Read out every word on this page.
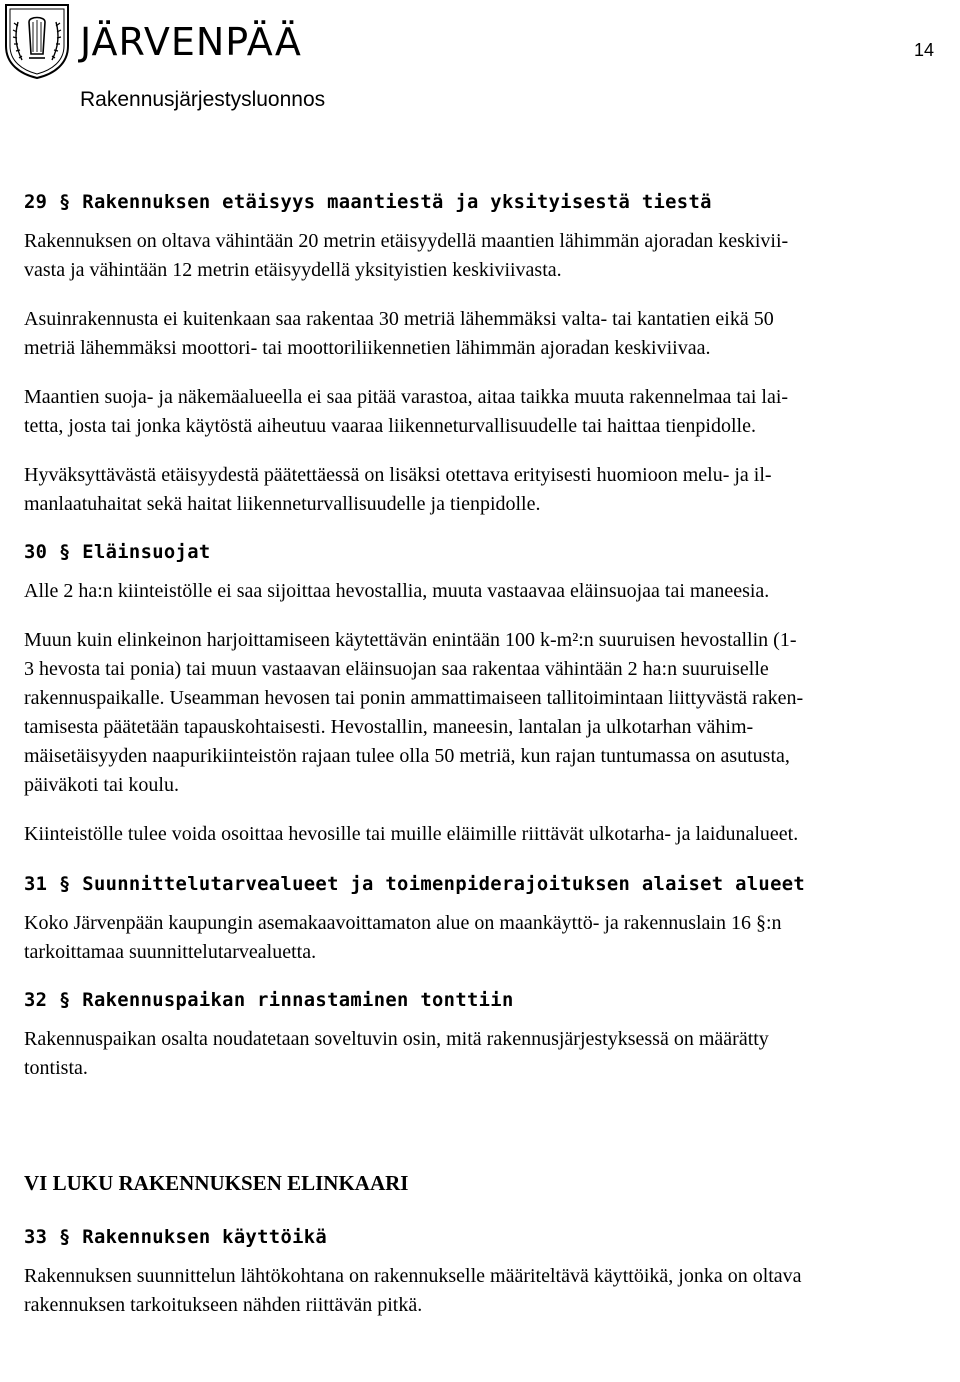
JÄRVENPÄÄ	14
Rakennusjärjestysluonnos
29 § Rakennuksen etäisyys maantiestä ja yksityisestä tiestä

Rakennuksen on oltava vähintään 20 metrin etäisyydellä maantien lähimmän ajoradan keskivii-
vasta ja vähintään 12 metrin etäisyydellä yksityistien keskiviivasta.

Asuinrakennusta ei kuitenkaan saa rakentaa 30 metriä lähemmäksi valta- tai kantatien eikä 50
metriä lähemmäksi moottori- tai moottoriliikennetien lähimmän ajoradan keskiviivaa.

Maantien suoja- ja näkemäalueella ei saa pitää varastoa, aitaa taikka muuta rakennelmaa tai lai-
tetta, josta tai jonka käytöstä aiheutuu vaaraa liikenneturvallisuudelle tai haittaa tienpidolle.

Hyväksyttävästä etäisyydestä päätettäessä on lisäksi otettava erityisesti huomioon melu- ja il-
manlaatuhaitat sekä haitat liikenneturvallisuudelle ja tienpidolle.

30 § Eläinsuojat

Alle 2 ha:n kiinteistölle ei saa sijoittaa hevostallia, muuta vastaavaa eläinsuojaa tai maneesia.

Muun kuin elinkeinon harjoittamiseen käytettävän enintään 100 k-m²:n suuruisen hevostallin (1-
3 hevosta tai ponia) tai muun vastaavan eläinsuojan saa rakentaa vähintään 2 ha:n suuruiselle
rakennuspaikalle. Useamman hevosen tai ponin ammattimaiseen tallitoimintaan liittyvästä raken-
tamisesta päätetään tapauskohtaisesti. Hevostallin, maneesin, lantalan ja ulkotarhan vähim-
mäisetäisyyden naapurikiinteistön rajaan tulee olla 50 metriä, kun rajan tuntumassa on asutusta,
päiväkoti tai koulu.

Kiinteistölle tulee voida osoittaa hevosille tai muille eläimille riittävät ulkotarha- ja laidunalueet.

31 § Suunnittelutarvealueet ja toimenpiderajoituksen alaiset alueet

Koko Järvenpään kaupungin asemakaavoittamaton alue on maankäyttö- ja rakennuslain 16 §:n
tarkoittamaa suunnittelutarvealuetta.

32 § Rakennuspaikan rinnastaminen tonttiin

Rakennuspaikan osalta noudatetaan soveltuvin osin, mitä rakennusjärjestyksessä on määrätty
tontista.

VI LUKU RAKENNUKSEN ELINKAARI
33 § Rakennuksen käyttöikä

Rakennuksen suunnittelun lähtökohtana on rakennukselle määriteltävä käyttöikä, jonka on oltava
rakennuksen tarkoitukseen nähden riittävän pitkä.
